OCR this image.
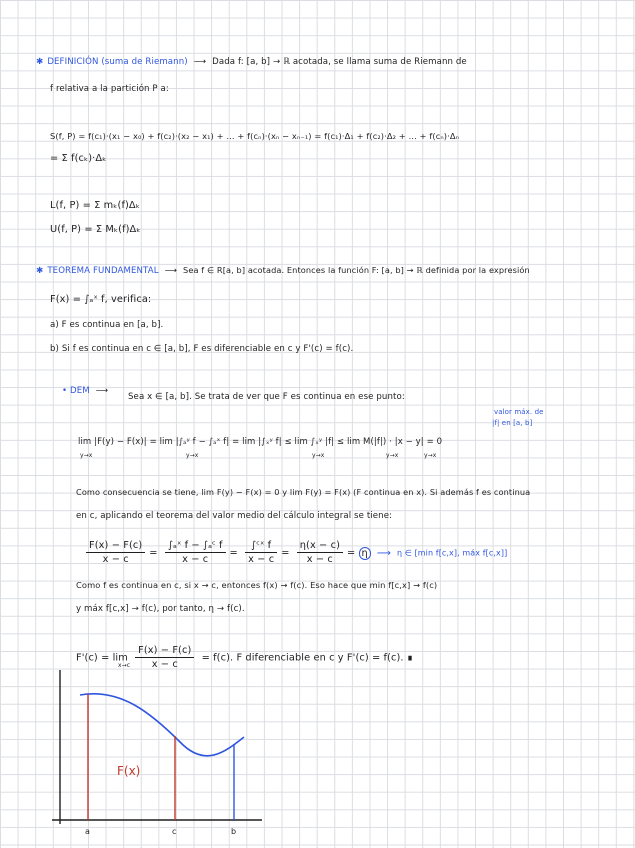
✱ DEFINICIÓN (suma de Riemann) ⟶ Dada f: [a, b] → ℝ acotada, se llama suma de Riemann de
f relativa a la partición P a:
S(f, P) = f(c₁)·(x₁ − x₀) + f(c₂)·(x₂ − x₁) + ... + f(cₙ)·(xₙ − xₙ₋₁) = f(c₁)·Δ₁ + f(c₂)·Δ₂ + ... + f(cₙ)·Δₙ
= Σ f(cₖ)·Δₖ
L(f, P) = Σ mₖ(f)Δₖ
U(f, P) = Σ Mₖ(f)Δₖ
✱ TEOREMA FUNDAMENTAL ⟶ Sea f ∈ R[a, b] acotada. Entonces la función F: [a, b] → ℝ definida por la expresión
F(x) = ∫ₐˣ f, verifica:
a) F es continua en [a, b].
b) Si f es continua en c ∈ [a, b], F es diferenciable en c y F'(c) = f(c).
• DEM ⟶
Sea x ∈ [a, b]. Se trata de ver que F es continua en ese punto:
valor máx. de
|f| en [a, b]
lim |F(y) − F(x)| = lim |∫ₐʸ f − ∫ₐˣ f| = lim |∫ₓʸ f| ≤ lim ∫ₓʸ |f| ≤ lim M(|f|) · |x − y| = 0
y→x	y→x	y→x	y→x	y→x
Como consecuencia se tiene, lim F(y) − F(x) = 0 y lim F(y) = F(x) (F continua en x). Si además f es continua
en c, aplicando el teorema del valor medio del cálculo integral se tiene:
$\frac{F(x) - F(c)}{x - c} = \frac{\text{∫ₐˣ f − ∫ₐᶜ f}}{x - c} = \frac{\text{∫ᶜˣ f}}{x - c} = \frac{\eta(x - c)}{x - c} = \eta$ ⟶ η ∈ [min f[c,x], máx f[c,x]]
Como f es continua en c, si x → c, entonces f(x) → f(c). Eso hace que min f[c,x] → f(c)
y máx f[c,x] → f(c), por tanto, η → f(c).
$F'(c) = \lim \frac{F(x) - F(c)}{x - c} = f(c)$. F diferenciable en c y F'(c) = f(c). ∎
x→c
F(x)
a	c	b
